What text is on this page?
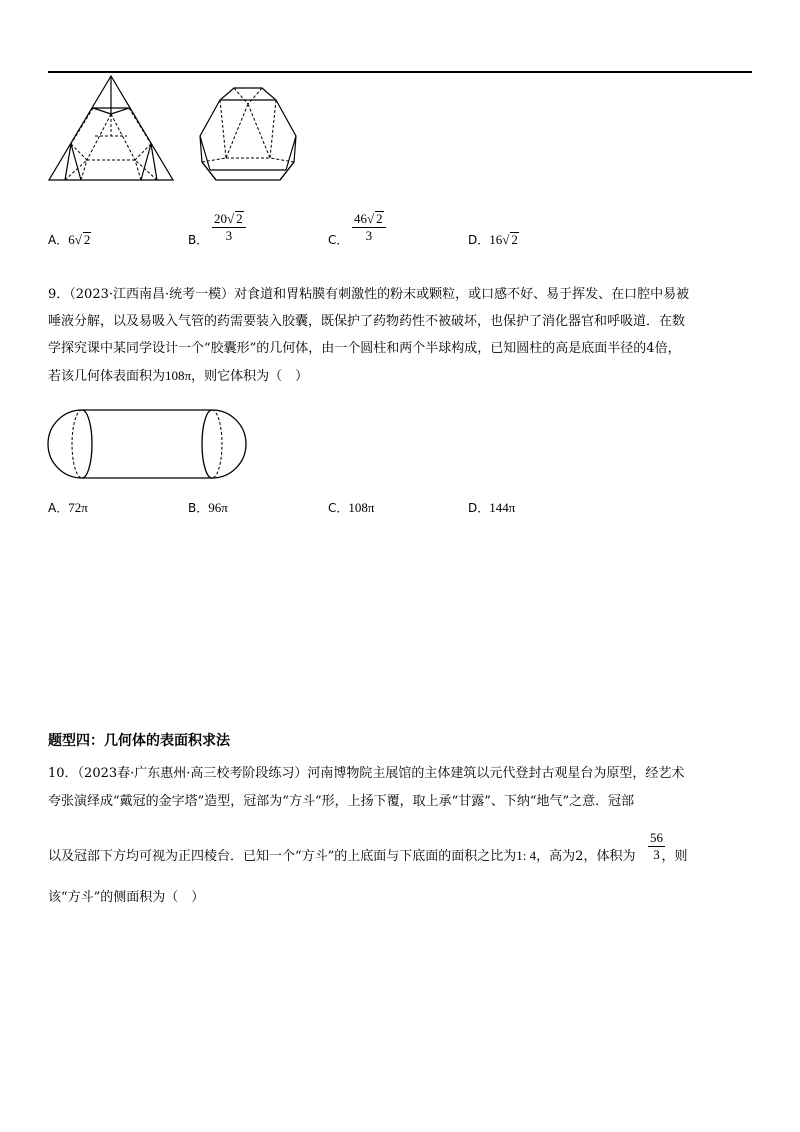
A．6√ 2	B． $\frac{20√ 2}{3}$	C． $\frac{46√ 2}{3}$	D．16√ 2
9．（2023·江西南昌·统考一模）对食道和胃粘膜有刺激性的粉末或颗粒，或口感不好、易于挥发、在口腔中易被
唾液分解，以及易吸入气管的药需要装入胶囊，既保护了药物药性不被破坏，也保护了消化器官和呼吸道．在数
学探究课中某同学设计一个“胶囊形”的几何体，由一个圆柱和两个半球构成，已知圆柱的高是底面半径的4倍，
若该几何体表面积为108π，则它体积为（　）
A．72π	B．96π	C．108π	D．144π
题型四：几何体的表面积求法
10．（2023春·广东惠州·高三校考阶段练习）河南博物院主展馆的主体建筑以元代登封古观星台为原型，经艺术
夸张演绎成“戴冠的金字塔”造型，冠部为“方斗”形，上扬下覆，取上承“甘露”、下纳“地气”之意．冠部
以及冠部下方均可视为正四棱台．已知一个“方斗”的上底面与下底面的面积之比为1: 4，高为2，体积为 ，则
$\frac{56}{3}$
该“方斗”的侧面积为（　）
